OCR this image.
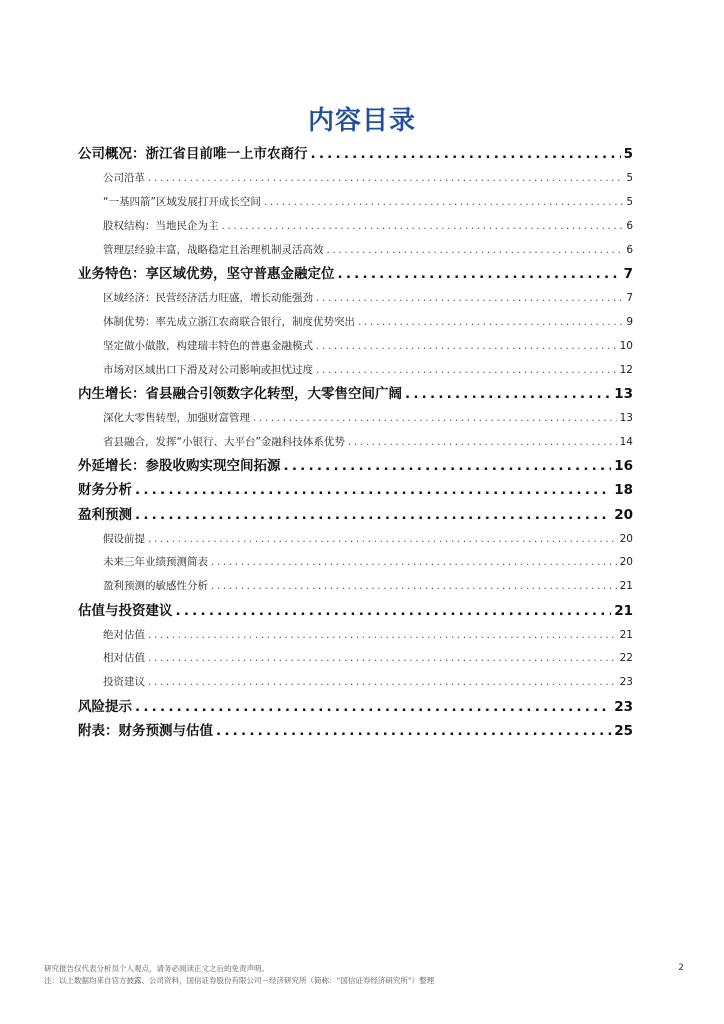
内容目录
公司概况：浙江省目前唯一上市农商行 .....	5
公司沿革 .....	5
“一基四箭”区域发展打开成长空间 .....	5
股权结构：当地民企为主 .....	6
管理层经验丰富，战略稳定且治理机制灵活高效 .....	6
业务特色：享区域优势，坚守普惠金融定位 .....	7
区域经济：民营经济活力旺盛，增长动能强劲 .....	7
体制优势：率先成立浙江农商联合银行，制度优势突出 .....	9
坚定做小做散，构建瑞丰特色的普惠金融模式 .....	10
市场对区域出口下滑及对公司影响或担忧过度 .....	12
内生增长：省县融合引领数字化转型，大零售空间广阔 .....	13
深化大零售转型，加强财富管理 .....	13
省县融合，发挥“小银行、大平台”金融科技体系优势 .....	14
外延增长：参股收购实现空间拓源 .....	16
财务分析 .....	18
盈利预测 .....	20
假设前提 .....	20
未来三年业绩预测简表 .....	20
盈利预测的敏感性分析 .....	21
估值与投资建议 .....	21
绝对估值 .....	21
相对估值 .....	22
投资建议 .....	23
风险提示 .....	23
附表：财务预测与估值 .....	25
研究报告仅代表分析员个人观点，请务必阅读正文之后的免责声明。
注：以上数据均来自官方披露、公司资料，国信证券股份有限公司－经济研究所（简称：“国信证券经济研究所”）整理
2
